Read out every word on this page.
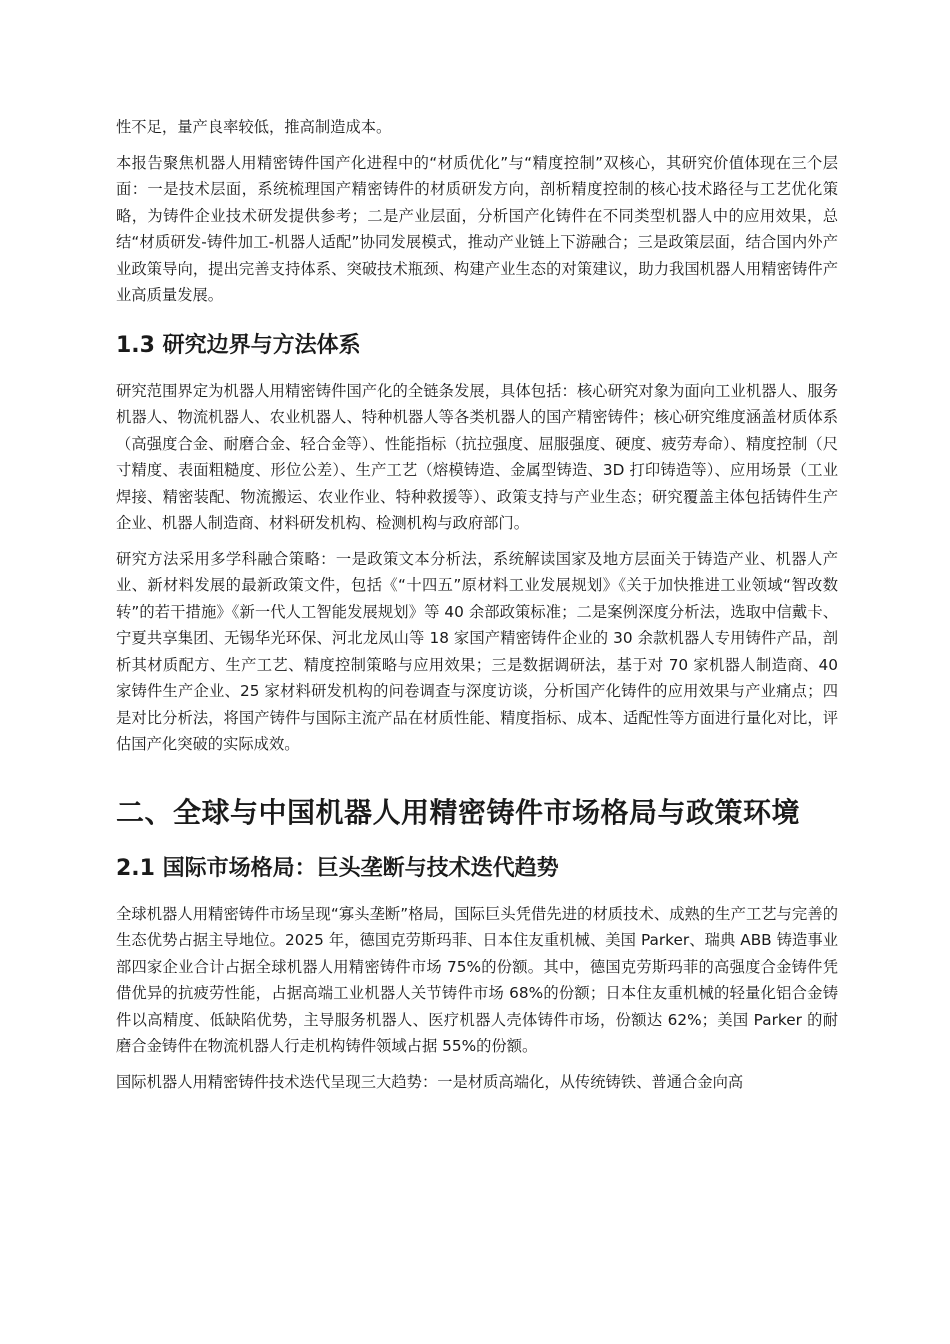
性不足，量产良率较低，推高制造成本。

本报告聚焦机器人用精密铸件国产化进程中的“材质优化”与“精度控制”双核心，其研究价值体现在三个层面：一是技术层面，系统梳理国产精密铸件的材质研发方向，剖析精度控制的核心技术路径与工艺优化策略，为铸件企业技术研发提供参考；二是产业层面，分析国产化铸件在不同类型机器人中的应用效果，总结“材质研发-铸件加工-机器人适配”协同发展模式，推动产业链上下游融合；三是政策层面，结合国内外产业政策导向，提出完善支持体系、突破技术瓶颈、构建产业生态的对策建议，助力我国机器人用精密铸件产业高质量发展。

1.3 研究边界与方法体系

研究范围界定为机器人用精密铸件国产化的全链条发展，具体包括：核心研究对象为面向工业机器人、服务机器人、物流机器人、农业机器人、特种机器人等各类机器人的国产精密铸件；核心研究维度涵盖材质体系（高强度合金、耐磨合金、轻合金等）、性能指标（抗拉强度、屈服强度、硬度、疲劳寿命）、精度控制（尺寸精度、表面粗糙度、形位公差）、生产工艺（熔模铸造、金属型铸造、3D 打印铸造等）、应用场景（工业焊接、精密装配、物流搬运、农业作业、特种救援等）、政策支持与产业生态；研究覆盖主体包括铸件生产企业、机器人制造商、材料研发机构、检测机构与政府部门。

研究方法采用多学科融合策略：一是政策文本分析法，系统解读国家及地方层面关于铸造产业、机器人产业、新材料发展的最新政策文件，包括《“十四五”原材料工业发展规划》《关于加快推进工业领域“智改数转”的若干措施》《新一代人工智能发展规划》等 40 余部政策标准；二是案例深度分析法，选取中信戴卡、宁夏共享集团、无锡华光环保、河北龙凤山等 18 家国产精密铸件企业的 30 余款机器人专用铸件产品，剖析其材质配方、生产工艺、精度控制策略与应用效果；三是数据调研法，基于对 70 家机器人制造商、40 家铸件生产企业、25 家材料研发机构的问卷调查与深度访谈，分析国产化铸件的应用效果与产业痛点；四是对比分析法，将国产铸件与国际主流产品在材质性能、精度指标、成本、适配性等方面进行量化对比，评估国产化突破的实际成效。

二、全球与中国机器人用精密铸件市场格局与政策环境
2.1 国际市场格局：巨头垄断与技术迭代趋势

全球机器人用精密铸件市场呈现“寡头垄断”格局，国际巨头凭借先进的材质技术、成熟的生产工艺与完善的生态优势占据主导地位。2025 年，德国克劳斯玛菲、日本住友重机械、美国 Parker、瑞典 ABB 铸造事业部四家企业合计占据全球机器人用精密铸件市场 75%的份额。其中，德国克劳斯玛菲的高强度合金铸件凭借优异的抗疲劳性能，占据高端工业机器人关节铸件市场 68%的份额；日本住友重机械的轻量化铝合金铸件以高精度、低缺陷优势，主导服务机器人、医疗机器人壳体铸件市场，份额达 62%；美国 Parker 的耐磨合金铸件在物流机器人行走机构铸件领域占据 55%的份额。

国际机器人用精密铸件技术迭代呈现三大趋势：一是材质高端化，从传统铸铁、普通合金向高
